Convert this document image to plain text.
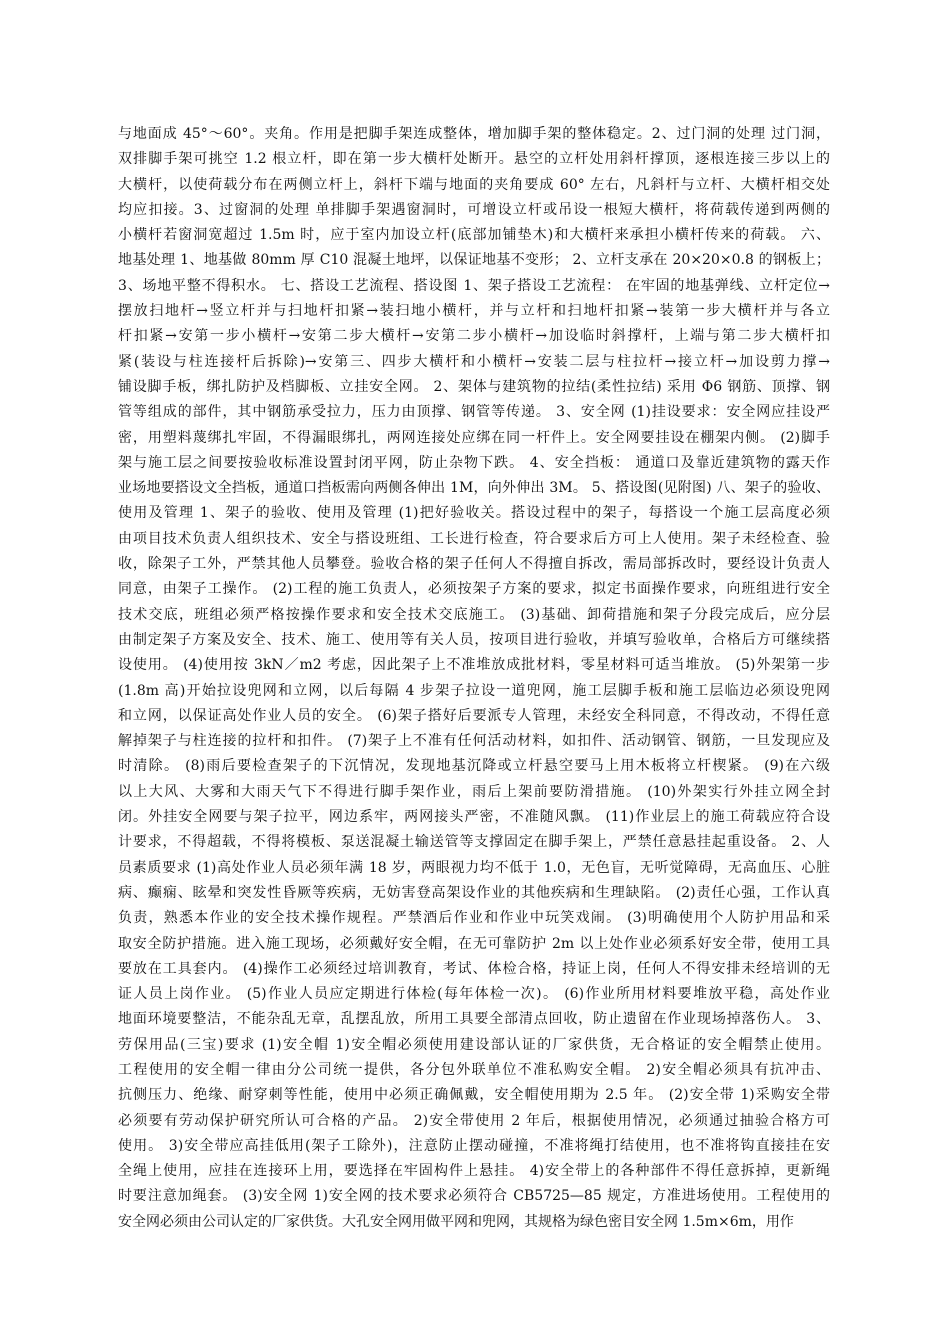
与地面成 45°～60°。夹角。作用是把脚手架连成整体，增加脚手架的整体稳定。2、过门洞的处理 过门洞，
双排脚手架可挑空 1.2 根立杆，即在第一步大横杆处断开。悬空的立杆处用斜杆撑顶，逐根连接三步以上的
大横杆，以使荷载分布在两侧立杆上，斜杆下端与地面的夹角要成 60° 左右，凡斜杆与立杆、大横杆相交处
均应扣接。3、过窗洞的处理 单排脚手架遇窗洞时，可增设立杆或吊设一根短大横杆，将荷载传递到两侧的
小横杆若窗洞宽超过 1.5m 时，应于室内加设立杆(底部加铺垫木)和大横杆来承担小横杆传来的荷载。 六、
地基处理 1、地基做 80mm 厚 C10 混凝土地坪，以保证地基不变形； 2、立杆支承在 20×20×0.8 的钢板上；
3、场地平整不得积水。 七、搭设工艺流程、搭设图 1、架子搭设工艺流程： 在牢固的地基弹线、立杆定位→
摆放扫地杆→竖立杆并与扫地杆扣紧→装扫地小横杆，并与立杆和扫地杆扣紧→装第一步大横杆并与各立
杆扣紧→安第一步小横杆→安第二步大横杆→安第二步小横杆→加设临时斜撑杆，上端与第二步大横杆扣
紧(装设与柱连接杆后拆除)→安第三、四步大横杆和小横杆→安装二层与柱拉杆→接立杆→加设剪力撑→
铺设脚手板，绑扎防护及档脚板、立挂安全网。 2、架体与建筑物的拉结(柔性拉结) 采用 Φ6 钢筋、顶撑、钢
管等组成的部件，其中钢筋承受拉力，压力由顶撑、钢管等传递。 3、安全网 (1)挂设要求：安全网应挂设严
密，用塑料蔑绑扎牢固，不得漏眼绑扎，两网连接处应绑在同一杆件上。安全网要挂设在棚架内侧。 (2)脚手
架与施工层之间要按验收标准设置封闭平网，防止杂物下跌。 4、安全挡板： 通道口及靠近建筑物的露天作
业场地要搭设文全挡板，通道口挡板需向两侧各伸出 1M，向外伸出 3M。 5、搭设图(见附图) 八、架子的验收、
使用及管理 1、架子的验收、使用及管理 (1)把好验收关。搭设过程中的架子，每搭设一个施工层高度必须
由项目技术负责人组织技术、安全与搭设班组、工长进行检查，符合要求后方可上人使用。架子未经检查、验
收，除架子工外，严禁其他人员攀登。验收合格的架子任何人不得擅自拆改，需局部拆改时，要经设计负责人
同意，由架子工操作。 (2)工程的施工负责人，必须按架子方案的要求，拟定书面操作要求，向班组进行安全
技术交底，班组必须严格按操作要求和安全技术交底施工。 (3)基础、卸荷措施和架子分段完成后，应分层
由制定架子方案及安全、技术、施工、使用等有关人员，按项目进行验收，并填写验收单，合格后方可继续搭
设使用。 (4)使用按 3kN／m2 考虑，因此架子上不准堆放成批材料，零星材料可适当堆放。 (5)外架第一步
(1.8m 高)开始拉设兜网和立网，以后每隔 4 步架子拉设一道兜网，施工层脚手板和施工层临边必须设兜网
和立网，以保证高处作业人员的安全。 (6)架子搭好后要派专人管理，未经安全科同意，不得改动，不得任意
解掉架子与柱连接的拉杆和扣件。 (7)架子上不准有任何活动材料，如扣件、活动钢管、钢筋，一旦发现应及
时清除。 (8)雨后要检查架子的下沉情况，发现地基沉降或立杆悬空要马上用木板将立杆楔紧。 (9)在六级
以上大风、大雾和大雨天气下不得进行脚手架作业，雨后上架前要防滑措施。 (10)外架实行外挂立网全封
闭。外挂安全网要与架子拉平，网边系牢，两网接头严密，不准随风飘。 (11)作业层上的施工荷载应符合设
计要求，不得超载，不得将模板、泵送混凝土输送管等支撑固定在脚手架上，严禁任意悬挂起重设备。 2、人
员素质要求 (1)高处作业人员必须年满 18 岁，两眼视力均不低于 1.0，无色盲，无听觉障碍，无高血压、心脏
病、癫痫、眩晕和突发性昏厥等疾病，无妨害登高架设作业的其他疾病和生理缺陷。 (2)责任心强，工作认真
负责，熟悉本作业的安全技术操作规程。严禁酒后作业和作业中玩笑戏闹。 (3)明确使用个人防护用品和采
取安全防护措施。进入施工现场，必须戴好安全帽，在无可靠防护 2m 以上处作业必须系好安全带，使用工具
要放在工具套内。 (4)操作工必须经过培训教育，考试、体检合格，持证上岗，任何人不得安排未经培训的无
证人员上岗作业。 (5)作业人员应定期进行体检(每年体检一次)。 (6)作业所用材料要堆放平稳，高处作业
地面环境要整洁，不能杂乱无章，乱摆乱放，所用工具要全部清点回收，防止遗留在作业现场掉落伤人。 3、
劳保用品(三宝)要求 (1)安全帽 1)安全帽必须使用建设部认证的厂家供货，无合格证的安全帽禁止使用。
工程使用的安全帽一律由分公司统一提供，各分包外联单位不准私购安全帽。 2)安全帽必须具有抗冲击、
抗侧压力、绝缘、耐穿刺等性能，使用中必须正确佩戴，安全帽使用期为 2.5 年。 (2)安全带 1)采购安全带
必须要有劳动保护研究所认可合格的产品。 2)安全带使用 2 年后，根据使用情况，必须通过抽验合格方可
使用。 3)安全带应高挂低用(架子工除外)，注意防止摆动碰撞，不准将绳打结使用，也不准将钩直接挂在安
全绳上使用，应挂在连接环上用，要选择在牢固构件上悬挂。 4)安全带上的各种部件不得任意拆掉，更新绳
时要注意加绳套。 (3)安全网 1)安全网的技术要求必须符合 CB5725—85 规定，方准进场使用。工程使用的
安全网必须由公司认定的厂家供货。大孔安全网用做平网和兜网，其规格为绿色密目安全网 1.5m×6m，用作
